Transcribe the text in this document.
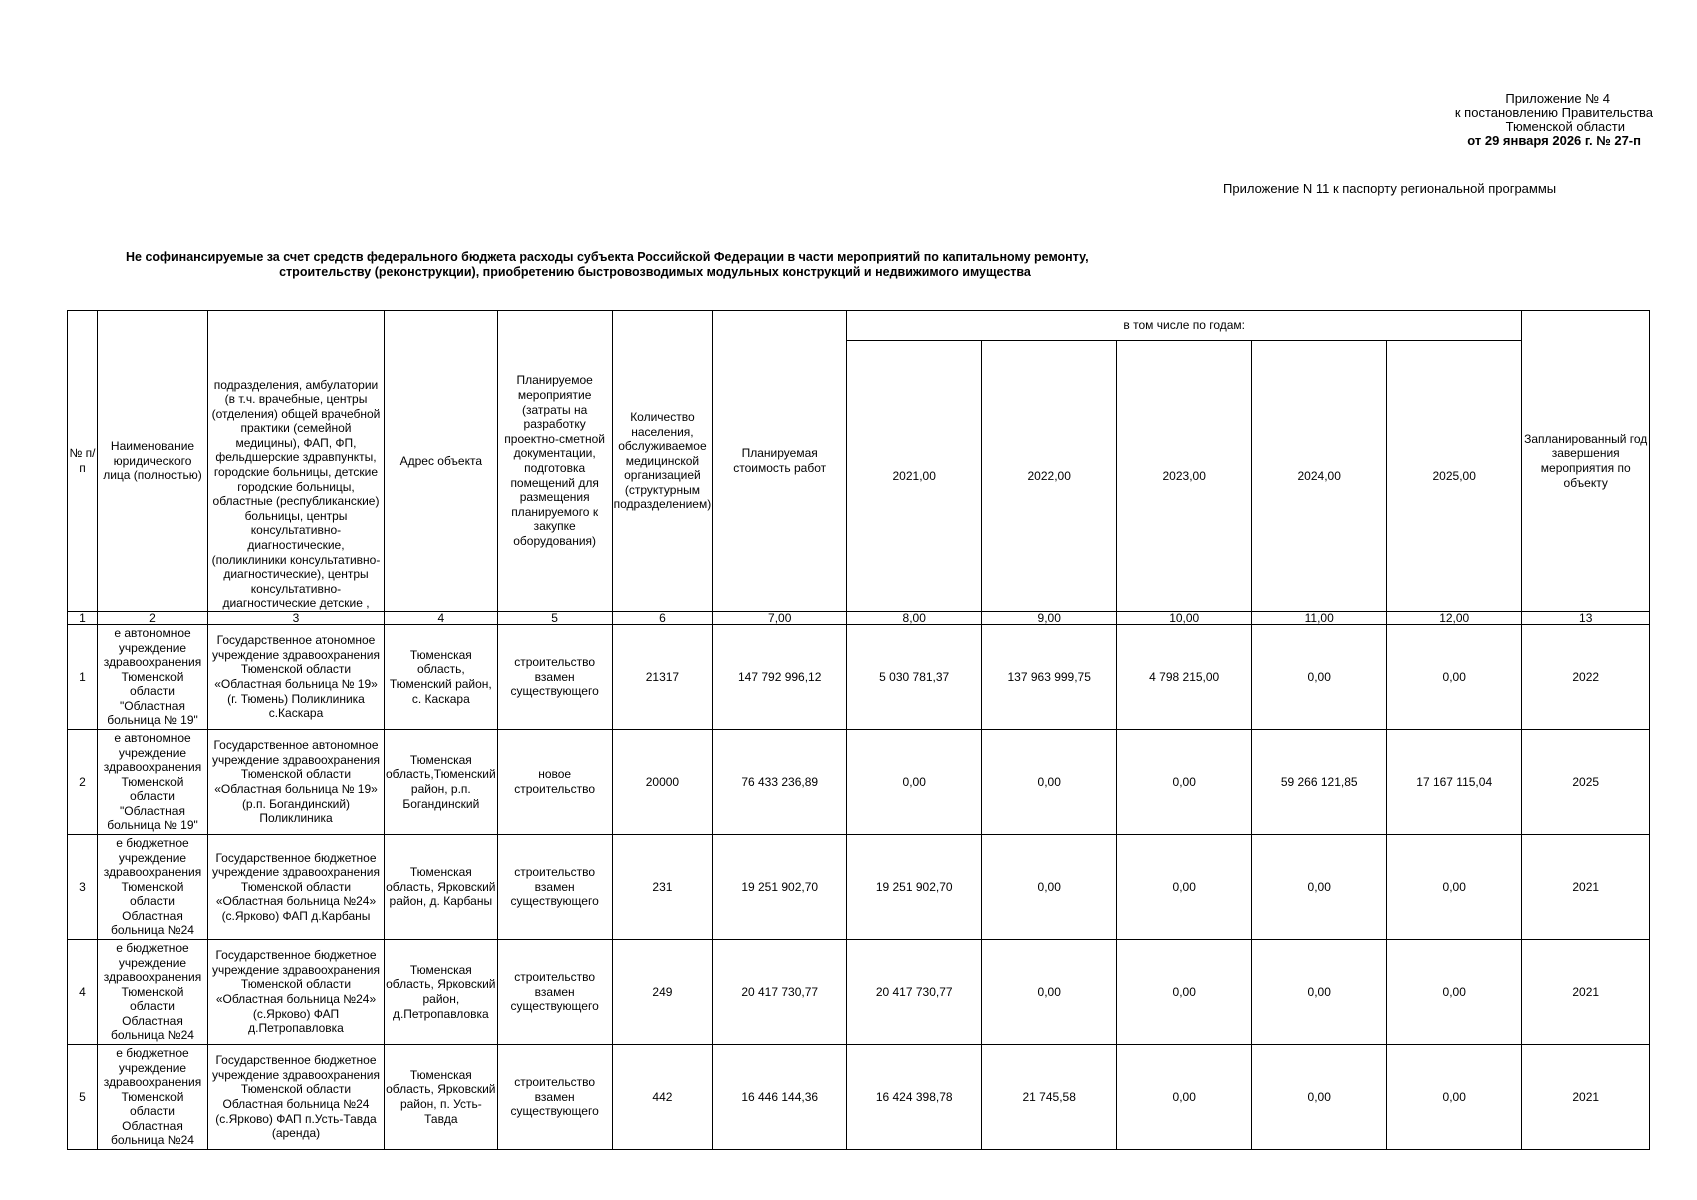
Приложение № 4
к постановлению Правительства
Тюменской области
от 29 января 2026 г. № 27-п
Приложение N 11 к паспорту региональной программы
Не софинансируемые за счет средств федерального бюджета расходы субъекта Российской Федерации в части мероприятий по капитальному ремонту,
строительству (реконструкции), приобретению быстровозводимых модульных конструкций и недвижимого имущества
№ п/п	Наименование юридического лица (полностью)	подразделения, амбулатории (в т.ч. врачебные, центры (отделения) общей врачебной практики (семейной медицины), ФАП, ФП, фельдшерские здравпункты, городские больницы, детские городские больницы, областные (республиканские) больницы, центры консультативно-диагностические, (поликлиники консультативно-диагностические), центры консультативно-диагностические детские ,	Адрес объекта	Планируемое мероприятие (затраты на разработку проектно-сметной документации, подготовка помещений для размещения планируемого к закупке оборудования)	Количество населения, обслуживаемое медицинской организацией (структурным подразделением)	Планируемая стоимость работ	в том числе по годам:					Запланированный год завершения мероприятия по объекту
							2021,00	2022,00	2023,00	2024,00	2025,00	
1	2	3	4	5	6	7,00	8,00	9,00	10,00	11,00	12,00	13
1	е автономное учреждение здравоохранения Тюменской области "Областная больница № 19"	Государственное атономное учреждение здравоохранения Тюменской области «Областная больница № 19» (г. Тюмень) Поликлиника с.Каскара	Тюменская область, Тюменский район, с. Каскара	строительство взамен существующего	21317	147 792 996,12	5 030 781,37	137 963 999,75	4 798 215,00	0,00	0,00	2022
2	е автономное учреждение здравоохранения Тюменской области "Областная больница № 19"	Государственное автономное учреждение здравоохранения Тюменской области «Областная больница № 19» (р.п. Богандинский) Поликлиника	Тюменская область,Тюменский район, р.п. Богандинский	новое строительство	20000	76 433 236,89	0,00	0,00	0,00	59 266 121,85	17 167 115,04	2025
3	е бюджетное учреждение здравоохранения Тюменской области Областная больница №24	Государственное бюджетное учреждение здравоохранения Тюменской области «Областная больница №24» (с.Ярково) ФАП д.Карбаны	Тюменская область, Ярковский район, д. Карбаны	строительство взамен существующего	231	19 251 902,70	19 251 902,70	0,00	0,00	0,00	0,00	2021
4	е бюджетное учреждение здравоохранения Тюменской области Областная больница №24	Государственное бюджетное учреждение здравоохранения Тюменской области «Областная больница №24» (с.Ярково) ФАП д.Петропавловка	Тюменская область, Ярковский район, д.Петропавловка	строительство взамен существующего	249	20 417 730,77	20 417 730,77	0,00	0,00	0,00	0,00	2021
5	е бюджетное учреждение здравоохранения Тюменской области Областная больница №24	Государственное бюджетное учреждение здравоохранения Тюменской области Областная больница №24 (с.Ярково) ФАП п.Усть-Тавда (аренда)	Тюменская область, Ярковский район, п. Усть-Тавда	строительство взамен существующего	442	16 446 144,36	16 424 398,78	21 745,58	0,00	0,00	0,00	2021
